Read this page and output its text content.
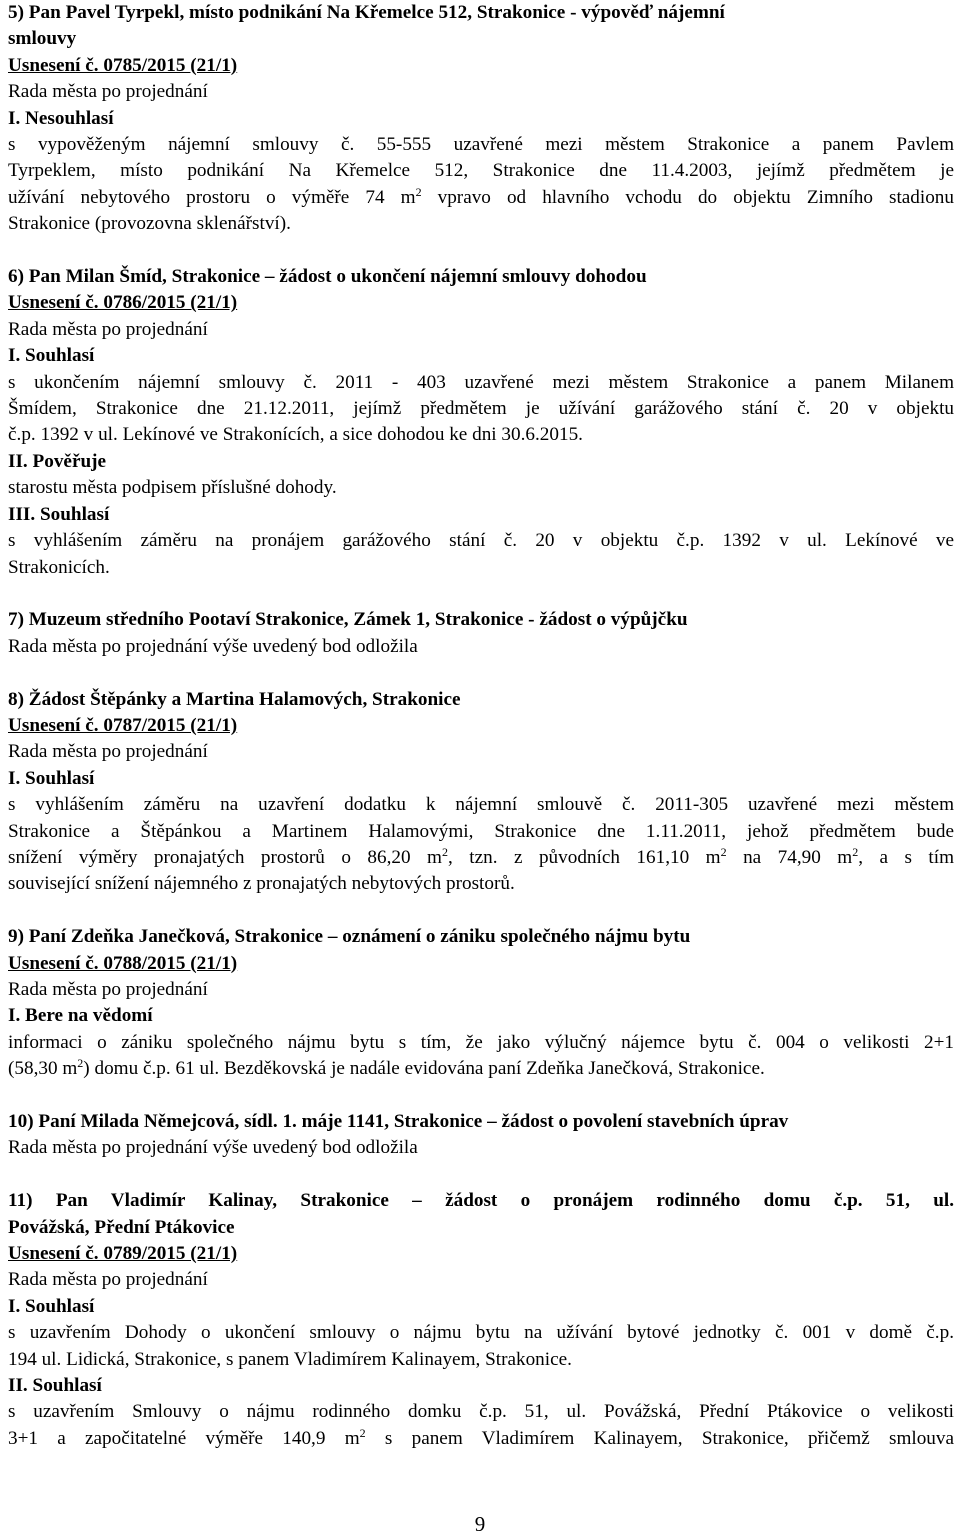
5) Pan Pavel Tyrpekl, místo podnikání Na Křemelce 512, Strakonice - výpověď nájemní
smlouvy
Usnesení č. 0785/2015 (21/1)
Rada města po projednání
I. Nesouhlasí
s vypověženým nájemní smlouvy č. 55-555 uzavřené mezi městem Strakonice a panem Pavlem
Tyrpeklem, místo podnikání Na Křemelce 512, Strakonice dne 11.4.2003, jejímž předmětem je
užívání nebytového prostoru o výměře 74 $m^2$ vpravo od hlavního vchodu do objektu Zimního stadionu
Strakonice (provozovna sklenářství).
6) Pan Milan Šmíd, Strakonice – žádost o ukončení nájemní smlouvy dohodou
Usnesení č. 0786/2015 (21/1)
Rada města po projednání
I. Souhlasí
s ukončením nájemní smlouvy č. 2011 - 403 uzavřené mezi městem Strakonice a panem Milanem
Šmídem, Strakonice dne 21.12.2011, jejímž předmětem je užívání garážového stání č. 20 v objektu
č.p. 1392 v ul. Lekínové ve Strakonících, a sice dohodou ke dni 30.6.2015.
II. Pověřuje
starostu města podpisem příslušné dohody.
III. Souhlasí
s vyhlášením záměru na pronájem garážového stání č. 20 v objektu č.p. 1392 v ul. Lekínové ve
Strakonicích.
7) Muzeum středního Pootaví Strakonice, Zámek 1, Strakonice - žádost o výpůjčku
Rada města po projednání výše uvedený bod odložila
8) Žádost Štěpánky a Martina Halamových, Strakonice
Usnesení č. 0787/2015 (21/1)
Rada města po projednání
I. Souhlasí
s vyhlášením záměru na uzavření dodatku k nájemní smlouvě č. 2011-305 uzavřené mezi městem
Strakonice a Štěpánkou a Martinem Halamovými, Strakonice dne 1.11.2011, jehož předmětem bude
snížení výměry pronajatých prostorů o 86,20 $m^2$, tzn. z původních 161,10 $m^2$ na 74,90 $m^2$, a s tím
související snížení nájemného z pronajatých nebytových prostorů.
9) Paní Zdeňka Janečková, Strakonice – oznámení o zániku společného nájmu bytu
Usnesení č. 0788/2015 (21/1)
Rada města po projednání
I. Bere na vědomí
informaci o zániku společného nájmu bytu s tím, že jako výlučný nájemce bytu č. 004 o velikosti 2+1
(58,30 $m^2$) domu č.p. 61 ul. Bezděkovská je nadále evidována paní Zdeňka Janečková, Strakonice.
10) Paní Milada Němejcová, sídl. 1. máje 1141, Strakonice – žádost o povolení stavebních úprav
Rada města po projednání výše uvedený bod odložila
11) Pan Vladimír Kalinay, Strakonice – žádost o pronájem rodinného domu č.p. 51, ul.
Povážská, Přední Ptákovice
Usnesení č. 0789/2015 (21/1)
Rada města po projednání
I. Souhlasí
s uzavřením Dohody o ukončení smlouvy o nájmu bytu na užívání bytové jednotky č. 001 v domě č.p.
194 ul. Lidická, Strakonice, s panem Vladimírem Kalinayem, Strakonice.
II. Souhlasí
s uzavřením Smlouvy o nájmu rodinného domku č.p. 51, ul. Povážská, Přední Ptákovice o velikosti
3+1 a započitatelné výměře 140,9 $m^2$ s panem Vladimírem Kalinayem, Strakonice, přičemž smlouva
9
